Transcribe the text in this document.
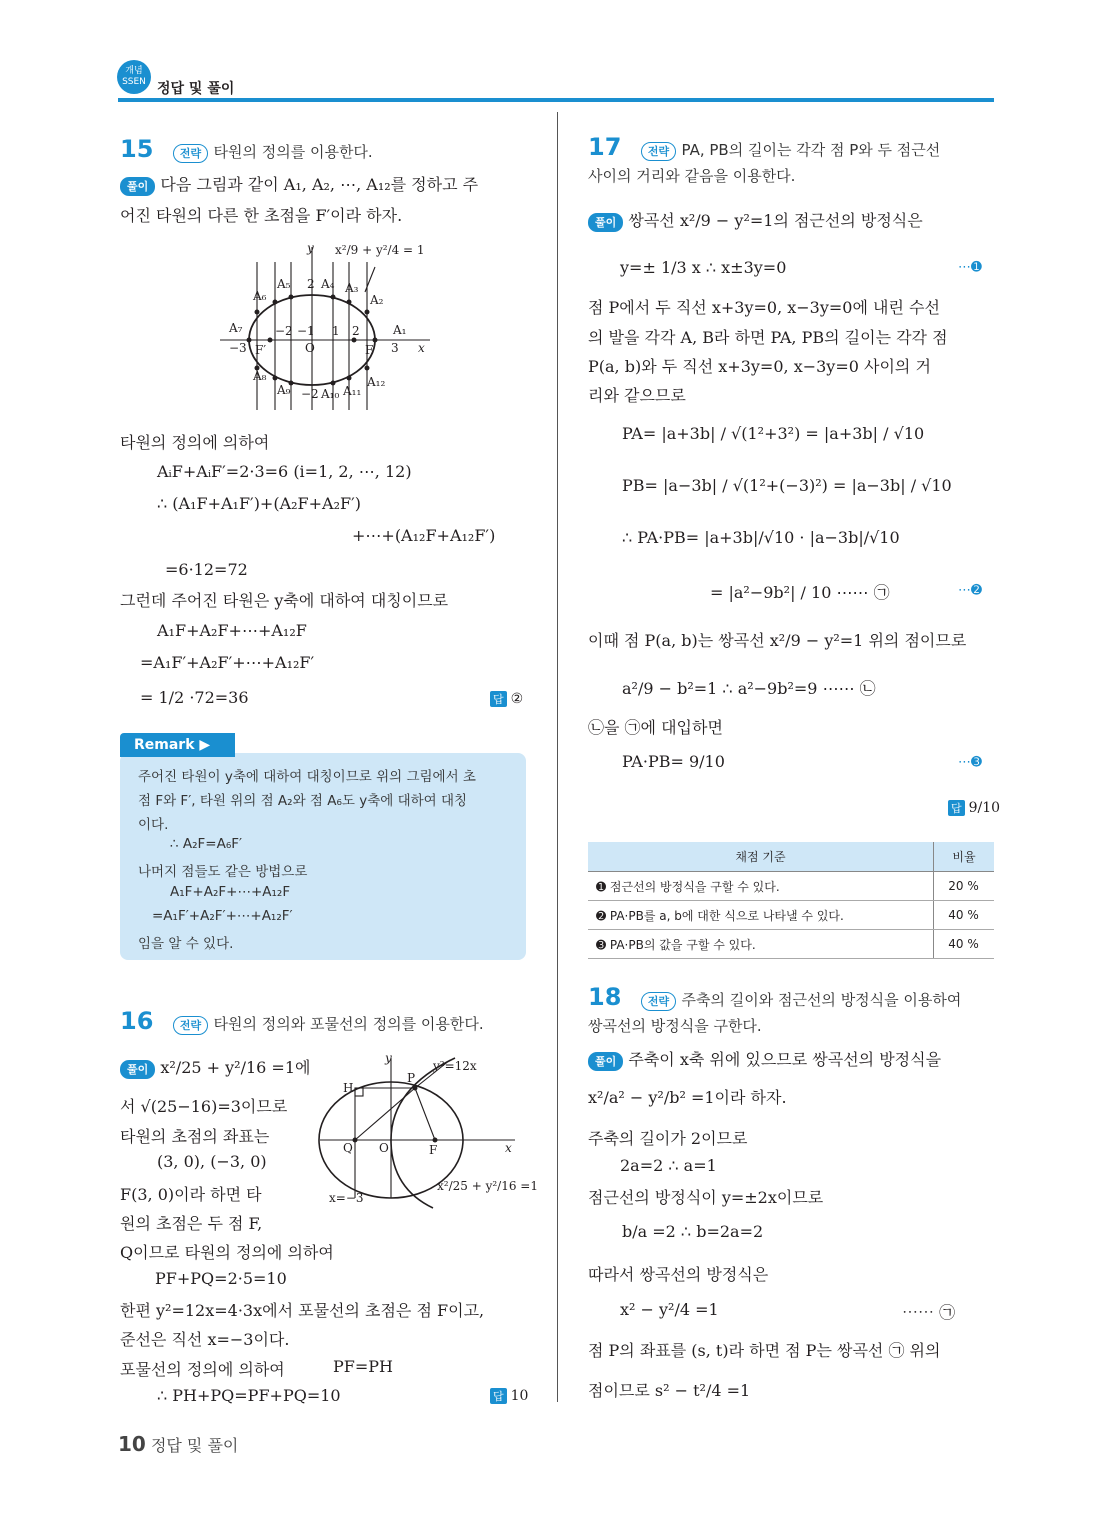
개념
SSEN 정답 및 풀이
15 전략 타원의 정의를 이용한다.
풀이 다음 그림과 같이 A₁, A₂, ⋯, A₁₂를 정하고 주
어진 타원의 다른 한 초점을 F′이라 하자.
x²/9 + y²/4 = 1
y
x
A₁
A₂
A₃
A₄
A₅
A₆
A₇
A₈
A₉	A₁₀ A₁₁
A₁₂
2
−2
−2 −1 1 2
−3 F′	O	F 3
타원의 정의에 의하여
AᵢF+AᵢF′=2·3=6 (i=1, 2, ⋯, 12)
∴ (A₁F+A₁F′)+(A₂F+A₂F′)
+⋯+(A₁₂F+A₁₂F′)
=6·12=72
그런데 주어진 타원은 y축에 대하여 대칭이므로
A₁F+A₂F+⋯+A₁₂F
=A₁F′+A₂F′+⋯+A₁₂F′
= 1/2 ·72=36	답 ②
Remark ▶
주어진 타원이 y축에 대하여 대칭이므로 위의 그림에서 초
점 F와 F′, 타원 위의 점 A₂와 점 A₆도 y축에 대하여 대칭
이다.
∴ A₂F=A₆F′
나머지 점들도 같은 방법으로
A₁F+A₂F+⋯+A₁₂F
=A₁F′+A₂F′+⋯+A₁₂F′
임을 알 수 있다.
16 전략 타원의 정의와 포물선의 정의를 이용한다.
풀이 x²/25 + y²/16 =1에
서 √(25−16)=3이므로
타원의 초점의 좌표는
(3, 0), (−3, 0)
F(3, 0)이라 하면 타
원의 초점은 두 점 F,
Q이므로 타원의 정의에 의하여
PF+PQ=2·5=10
한편 y²=12x=4·3x에서 포물선의 초점은 점 F이고,
준선은 직선 x=−3이다.
포물선의 정의에 의하여	PF=PH
∴ PH+PQ=PF+PQ=10	답 10
y²=12x
y
x
H
P
Q O	F
x=−3
x²/25 + y²/16 =1
17 전략 PA, PB의 길이는 각각 점 P와 두 점근선
사이의 거리와 같음을 이용한다.
풀이 쌍곡선 x²/9 − y²=1의 점근선의 방정식은
y=± 1/3 x ∴ x±3y=0	⋯➊
점 P에서 두 직선 x+3y=0, x−3y=0에 내린 수선
의 발을 각각 A, B라 하면 PA, PB의 길이는 각각 점
P(a, b)와 두 직선 x+3y=0, x−3y=0 사이의 거
리와 같으므로
PA= |a+3b| / √(1²+3²) = |a+3b| / √10
PB= |a−3b| / √(1²+(−3)²) = |a−3b| / √10
∴ PA·PB= |a+3b|/√10 · |a−3b|/√10
= |a²−9b²| / 10 ⋯⋯ ㉠	⋯➋
이때 점 P(a, b)는 쌍곡선 x²/9 − y²=1 위의 점이므로
a²/9 − b²=1 ∴ a²−9b²=9 ⋯⋯ ㉡
㉡을 ㉠에 대입하면
PA·PB= 9/10	⋯➌
답 9/10
채점 기준	비율
➊ 점근선의 방정식을 구할 수 있다.	20 %
➋ PA·PB를 a, b에 대한 식으로 나타낼 수 있다.	40 %
➌ PA·PB의 값을 구할 수 있다.	40 %
18 전략 주축의 길이와 점근선의 방정식을 이용하여
쌍곡선의 방정식을 구한다.
풀이 주축이 x축 위에 있으므로 쌍곡선의 방정식을
x²/a² − y²/b² =1이라 하자.
주축의 길이가 2이므로
2a=2 ∴ a=1
점근선의 방정식이 y=±2x이므로
b/a =2 ∴ b=2a=2
따라서 쌍곡선의 방정식은
x² − y²/4 =1	⋯⋯ ㉠
점 P의 좌표를 (s, t)라 하면 점 P는 쌍곡선 ㉠ 위의
점이므로 s² − t²/4 =1
10 정답 및 풀이
